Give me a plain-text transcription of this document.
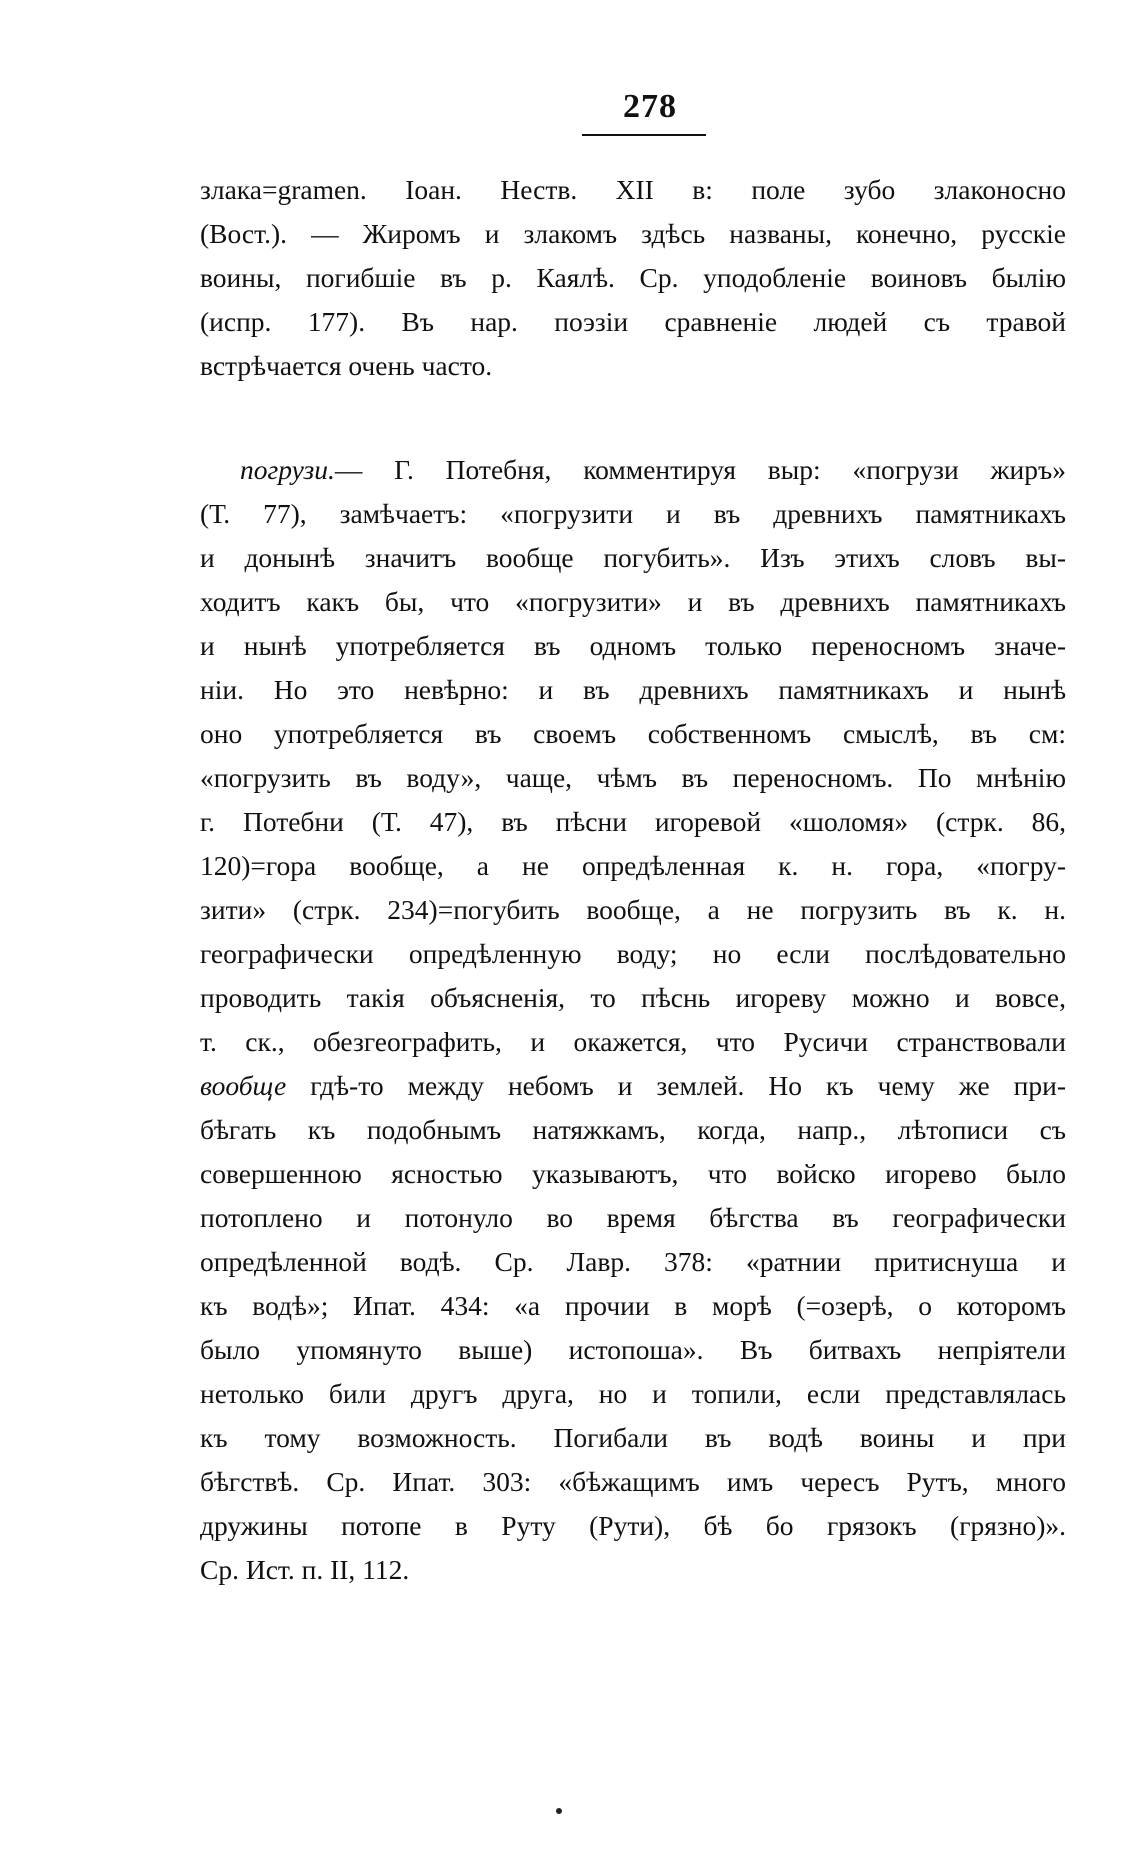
278
злака=gramen. Іоан. Неств. XII в: поле зубо злаконосно
(Вост.). — Жиромъ и злакомъ здѣсь названы, конечно, русскіе
воины, погибшіе въ р. Каялѣ. Ср. уподобленіе воиновъ былію
(испр. 177). Въ нар. поэзіи сравненіе людей съ травой
встрѣчается очень часто.
погрузи.— Г. Потебня, комментируя выр: «погрузи жиръ»
(Т. 77), замѣчаетъ: «погрузити и въ древнихъ памятникахъ
и донынѣ значитъ вообще погубить». Изъ этихъ словъ вы-
ходитъ какъ бы, что «погрузити» и въ древнихъ памятникахъ
и нынѣ употребляется въ одномъ только переносномъ значе-
ніи. Но это невѣрно: и въ древнихъ памятникахъ и нынѣ
оно употребляется въ своемъ собственномъ смыслѣ, въ см:
«погрузить въ воду», чаще, чѣмъ въ переносномъ. По мнѣнію
г. Потебни (Т. 47), въ пѣсни игоревой «шоломя» (стрк. 86,
120)=гора вообще, а не опредѣленная к. н. гора, «погру-
зити» (стрк. 234)=погубить вообще, а не погрузить въ к. н.
географически опредѣленную воду; но если послѣдовательно
проводить такія объясненія, то пѣснь игореву можно и вовсе,
т. ск., обезгеографить, и окажется, что Русичи странствовали
вообще гдѣ-то между небомъ и землей. Но къ чему же при-
бѣгать къ подобнымъ натяжкамъ, когда, напр., лѣтописи съ
совершенною ясностью указываютъ, что войско игорево было
потоплено и потонуло во время бѣгства въ географически
опредѣленной водѣ. Ср. Лавр. 378: «ратнии притиснуша и
къ водѣ»; Ипат. 434: «а прочии в морѣ (=озерѣ, о которомъ
было упомянуто выше) истопоша». Въ битвахъ непріятели
нетолько били другъ друга, но и топили, если представлялась
къ тому возможность. Погибали въ водѣ воины и при
бѣгствѣ. Ср. Ипат. 303: «бѣжащимъ имъ чересъ Рутъ, много
дружины потопе в Руту (Рути), бѣ бо грязокъ (грязно)».
Ср. Ист. п. II, 112.
